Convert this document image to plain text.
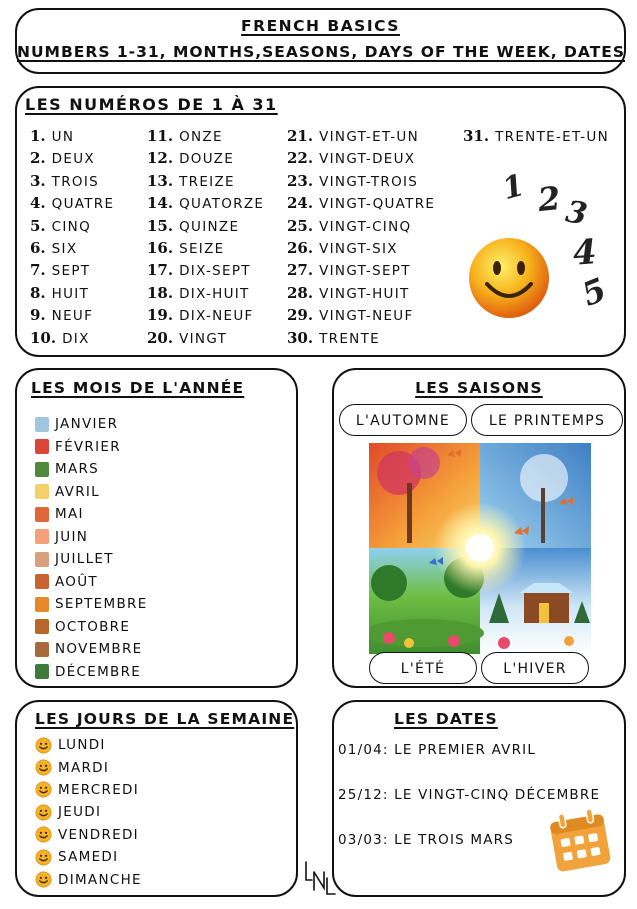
FRENCH BASICS
NUMBERS 1-31, MONTHS,SEASONS, DAYS OF THE WEEK, DATES
LES NUMÉROS DE 1 À 31
1. UN
2. DEUX
3. TROIS
4. QUATRE
5. CINQ
6. SIX
7. SEPT
8. HUIT
9. NEUF
10. DIX
11. ONZE
12. DOUZE
13. TREIZE
14. QUATORZE
15. QUINZE
16. SEIZE
17. DIX-SEPT
18. DIX-HUIT
19. DIX-NEUF
20. VINGT
21. VINGT-ET-UN
22. VINGT-DEUX
23. VINGT-TROIS
24. VINGT-QUATRE
25. VINGT-CINQ
26. VINGT-SIX
27. VINGT-SEPT
28. VINGT-HUIT
29. VINGT-NEUF
30. TRENTE
31. TRENTE-ET-UN
1 2 3
4
5
LES MOIS DE L'ANNÉE
JANVIER
FÉVRIER
MARS
AVRIL
MAI
JUIN
JUILLET
AOÛT
SEPTEMBRE
OCTOBRE
NOVEMBRE
DÉCEMBRE
LES SAISONS
L'AUTOMNE	LE PRINTEMPS
L'ÉTÉ	L'HIVER
LES JOURS DE LA SEMAINE
LUNDI
MARDI
MERCREDI
JEUDI
VENDREDI
SAMEDI
DIMANCHE
LES DATES
01/04: LE PREMIER AVRIL
25/12: LE VINGT-CINQ DÉCEMBRE
03/03: LE TROIS MARS
